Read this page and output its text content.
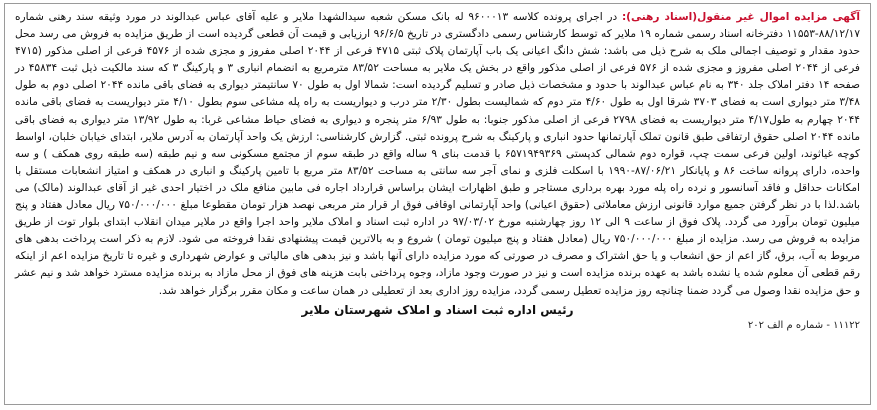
آگهی مزایده اموال غیر منقول(اسناد رهنی): در اجرای پرونده کلاسه ۹۶۰۰۰۱۳ له بانک مسکن شعبه سیدالشهدا ملایر و علیه آقای عباس عبدالوند در مورد وثیقه سند رهنی شماره ۸۸/۱۲/۱۷-۱۱۵۵۳ دفترخانه اسناد رسمی شماره ۱۹ ملایر که توسط کارشناس رسمی دادگستری در تاریخ ۹۶/۶/۵ ارزیابی و قیمت آن قطعی گردیده است از طریق مزایده به فروش می رسد محل حدود مقدار و توصیف اجمالی ملک به شرح ذیل می باشد: شش دانگ اعیانی یک باب آپارتمان پلاک ثبتی ۴۷۱۵ فرعی از ۲۰۴۴ اصلی مفروز و مجزی شده از ۴۵۷۶ فرعی از اصلی مذکور (۴۷۱۵ فرعی از ۲۰۴۴ اصلی مفروز و مجزی شده از ۵۷۶ فرعی از اصلی مذکور واقع در بخش یک ملایر به مساحت ۸۳/۵۲ مترمربع به انضمام انباری ۳ و پارکینگ ۳ که سند مالکیت ذیل ثبت ۴۵۸۳۴ در صفحه ۱۴ دفتر املاک جلد ۳۴۰ به نام عباس عبدالوند با حدود و مشخصات ذیل صادر و تسلیم گردیده است: شمالا اول به طول ۷۰ سانتیمتر دیواری به فضای باقی مانده ۲۰۴۴ اصلی دوم به طول ۳/۴۸ متر دیواری است به فضای ۳۷۰۳ شرقا اول به طول ۴/۶۰ متر دوم که شمالیست بطول ۲/۳۰ متر درب و دیواریست به راه پله مشاعی سوم بطول ۴/۱۰ متر دیواریست به فضای باقی مانده ۲۰۴۴ چهارم به طول۴/۱۷ متر دیواریست به فضای ۲۷۹۸ فرعی از اصلی مذکور جنوبا: به طول ۶/۹۳ متر پنجره و دیواری به فضای حیاط مشاعی غربا: به طول ۱۳/۹۲ متر دیواری به فضای باقی مانده ۲۰۴۴ اصلی حقوق ارتفاقی طبق قانون تملک آپارتمانها حدود انباری و پارکینگ به شرح پرونده ثبتی. گزارش کارشناسی: ارزش یک واحد آپارتمان به آدرس ملایر، ابتدای خیابان خلبان، اواسط کوچه غیاثوند، اولین فرعی سمت چپ، قواره دوم شمالی کدپستی ۶۵۷۱۹۴۹۳۶۹ با قدمت بنای ۹ ساله واقع در طبقه سوم از مجتمع مسکونی سه و نیم طبقه (سه طبقه روی همکف ) و سه واحده، دارای پروانه ساخت ۸۶ و پایانکار ۸۷/۰۶/۲۱-۱۹۹۰ با اسکلت فلزی و نمای آجر سه سانتی به مساحت ۸۳/۵۲ متر مربع با تامین پارکینگ و انباری در همکف و امتیاز انشعابات مستقل با امکانات حداقل و فاقد آسانسور و نرده راه پله مورد بهره برداری مستاجر و طبق اظهارات ایشان براساس قرارداد اجاره فی مابین منافع ملک در اختیار احدی غیر از آقای عبدالوند (مالک) می باشد.لذا با در نظر گرفتن جمیع موارد قانونی ارزش معاملاتی (حقوق اعیانی) واحد آپارتمانی اوقافی فوق ار قرار متر مربعی نهصد هزار تومان مقطوعا مبلغ ۷۵۰/۰۰۰/۰۰۰ ریال معادل هفتاد و پنج میلیون تومان برآورد می گردد. پلاک فوق از ساعت ۹ الی ۱۲ روز چهارشنبه مورخ ۹۷/۰۳/۰۲ در اداره ثبت اسناد و املاک ملایر واحد اجرا واقع در ملایر میدان انقلاب ابتدای بلوار توت از طریق مزایده به فروش می رسد. مزایده از مبلغ ۷۵۰/۰۰۰/۰۰۰ ریال (معادل هفتاد و پنج میلیون تومان ) شروع و به بالاترین قیمت پیشنهادی نقدا فروخته می شود. لازم به ذکر است پرداخت بدهی های مربوط به آب، برق، گاز اعم از حق انشعاب و یا حق اشتراک و مصرف در صورتی که مورد مزایده دارای آنها باشد و نیز بدهی های مالیاتی و عوارض شهرداری و غیره تا تاریخ مزایده اعم از اینکه رقم قطعی آن معلوم شده یا نشده باشد به عهده برنده مزایده است و نیز در صورت وجود مازاد، وجوه پرداختی بابت هزینه های فوق از محل مازاد به برنده مزایده مسترد خواهد شد و نیم عشر و حق مزایده نقدا وصول می گردد ضمنا چنانچه روز مزایده تعطیل رسمی گردد، مزایده روز اداری بعد از تعطیلی در همان ساعت و مکان مقرر برگزار خواهد شد.

رئیس اداره ثبت اسناد و املاک شهرستان ملایر

۱۱۱۲۲ - شماره م الف ۲۰۲
